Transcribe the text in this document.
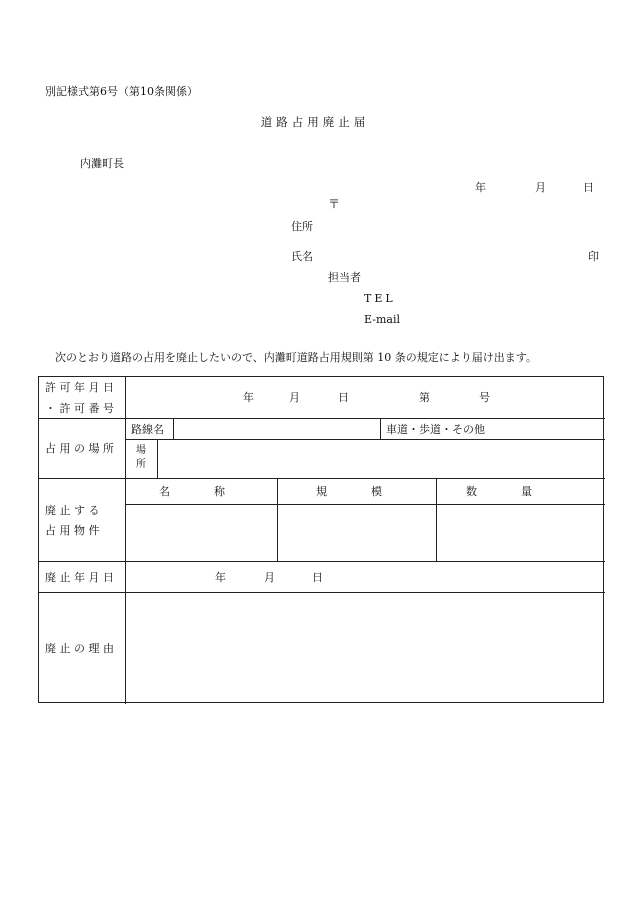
別記様式第6号（第10条関係）
道路占用廃止届
内灘町長
年	月	日
〒
住所
氏名	印
担当者
TEL
E-mail
次のとおり道路の占用を廃止したいので、内灘町道路占用規則第 10 条の規定により届け出ます。
許 可 年 月 日
・ 許 可 番 号
年	月	日	第	号
占 用 の 場 所
路線名	車道・歩道・その他
場
所
廃 止 す る
占 用 物 件
名　　　　称	規　　　　模	数　　　　量
廃 止 年 月 日	年	月	日
廃 止 の 理 由
